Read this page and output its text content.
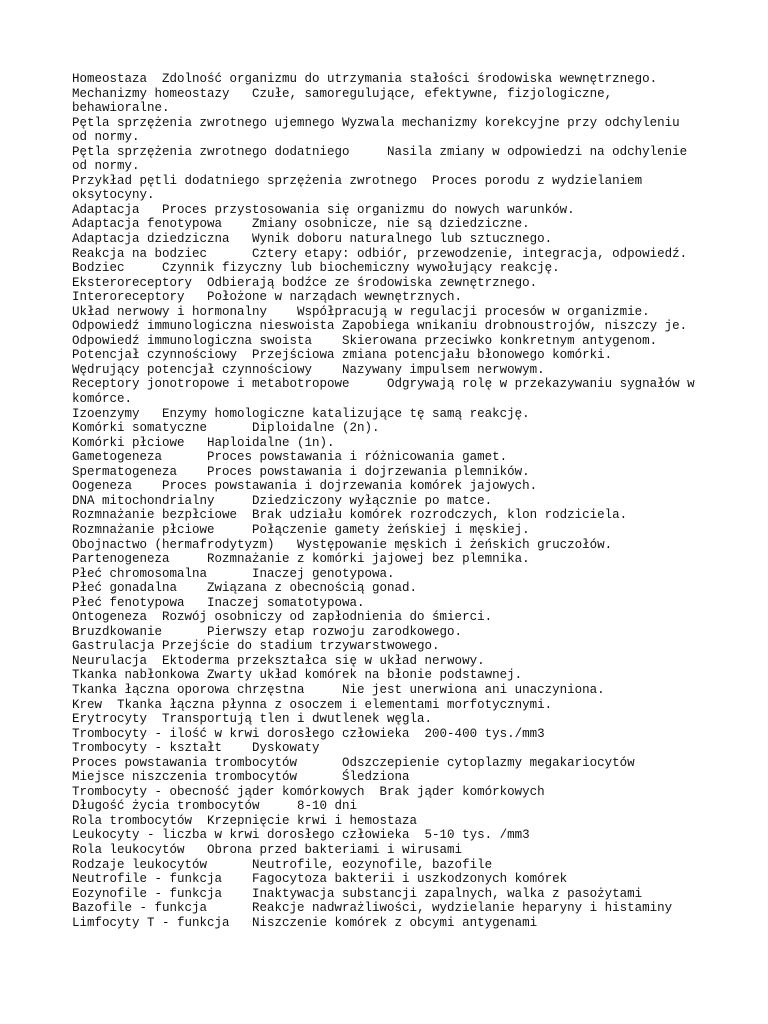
Homeostaza  Zdolność organizmu do utrzymania stałości środowiska wewnętrznego.
Mechanizmy homeostazy   Czułe, samoregulujące, efektywne, fizjologiczne,
behawioralne.
Pętla sprzężenia zwrotnego ujemnego Wyzwala mechanizmy korekcyjne przy odchyleniu
od normy.
Pętla sprzężenia zwrotnego dodatniego     Nasila zmiany w odpowiedzi na odchylenie
od normy.
Przykład pętli dodatniego sprzężenia zwrotnego  Proces porodu z wydzielaniem
oksytocyny.
Adaptacja   Proces przystosowania się organizmu do nowych warunków.
Adaptacja fenotypowa    Zmiany osobnicze, nie są dziedziczne.
Adaptacja dziedziczna   Wynik doboru naturalnego lub sztucznego.
Reakcja na bodziec      Cztery etapy: odbiór, przewodzenie, integracja, odpowiedź.
Bodziec     Czynnik fizyczny lub biochemiczny wywołujący reakcję.
Eksteroreceptory  Odbierają bodźce ze środowiska zewnętrznego.
Interoreceptory   Położone w narządach wewnętrznych.
Układ nerwowy i hormonalny    Współpracują w regulacji procesów w organizmie.
Odpowiedź immunologiczna nieswoista Zapobiega wnikaniu drobnoustrojów, niszczy je.
Odpowiedź immunologiczna swoista    Skierowana przeciwko konkretnym antygenom.
Potencjał czynnościowy  Przejściowa zmiana potencjału błonowego komórki.
Wędrujący potencjał czynnościowy    Nazywany impulsem nerwowym.
Receptory jonotropowe i metabotropowe     Odgrywają rolę w przekazywaniu sygnałów w
komórce.
Izoenzymy   Enzymy homologiczne katalizujące tę samą reakcję.
Komórki somatyczne      Diploidalne (2n).
Komórki płciowe   Haploidalne (1n).
Gametogeneza      Proces powstawania i różnicowania gamet.
Spermatogeneza    Proces powstawania i dojrzewania plemników.
Oogeneza    Proces powstawania i dojrzewania komórek jajowych.
DNA mitochondrialny     Dziedziczony wyłącznie po matce.
Rozmnażanie bezpłciowe  Brak udziału komórek rozrodczych, klon rodziciela.
Rozmnażanie płciowe     Połączenie gamety żeńskiej i męskiej.
Obojnactwo (hermafrodytyzm)   Występowanie męskich i żeńskich gruczołów.
Partenogeneza     Rozmnażanie z komórki jajowej bez plemnika.
Płeć chromosomalna      Inaczej genotypowa.
Płeć gonadalna    Związana z obecnością gonad.
Płeć fenotypowa   Inaczej somatotypowa.
Ontogeneza  Rozwój osobniczy od zapłodnienia do śmierci.
Bruzdkowanie      Pierwszy etap rozwoju zarodkowego.
Gastrulacja Przejście do stadium trzywarstwowego.
Neurulacja  Ektoderma przekształca się w układ nerwowy.
Tkanka nabłonkowa Zwarty układ komórek na błonie podstawnej.
Tkanka łączna oporowa chrzęstna     Nie jest unerwiona ani unaczyniona.
Krew  Tkanka łączna płynna z osoczem i elementami morfotycznymi.
Erytrocyty  Transportują tlen i dwutlenek węgla.
Trombocyty - ilość w krwi dorosłego człowieka  200-400 tys./mm3
Trombocyty - kształt    Dyskowaty
Proces powstawania trombocytów      Odszczepienie cytoplazmy megakariocytów
Miejsce niszczenia trombocytów      Śledziona
Trombocyty - obecność jąder komórkowych  Brak jąder komórkowych
Długość życia trombocytów     8-10 dni
Rola trombocytów  Krzepnięcie krwi i hemostaza
Leukocyty - liczba w krwi dorosłego człowieka  5-10 tys. /mm3
Rola leukocytów   Obrona przed bakteriami i wirusami
Rodzaje leukocytów      Neutrofile, eozynofile, bazofile
Neutrofile - funkcja    Fagocytoza bakterii i uszkodzonych komórek
Eozynofile - funkcja    Inaktywacja substancji zapalnych, walka z pasożytami
Bazofile - funkcja      Reakcje nadwrażliwości, wydzielanie heparyny i histaminy
Limfocyty T - funkcja   Niszczenie komórek z obcymi antygenami
